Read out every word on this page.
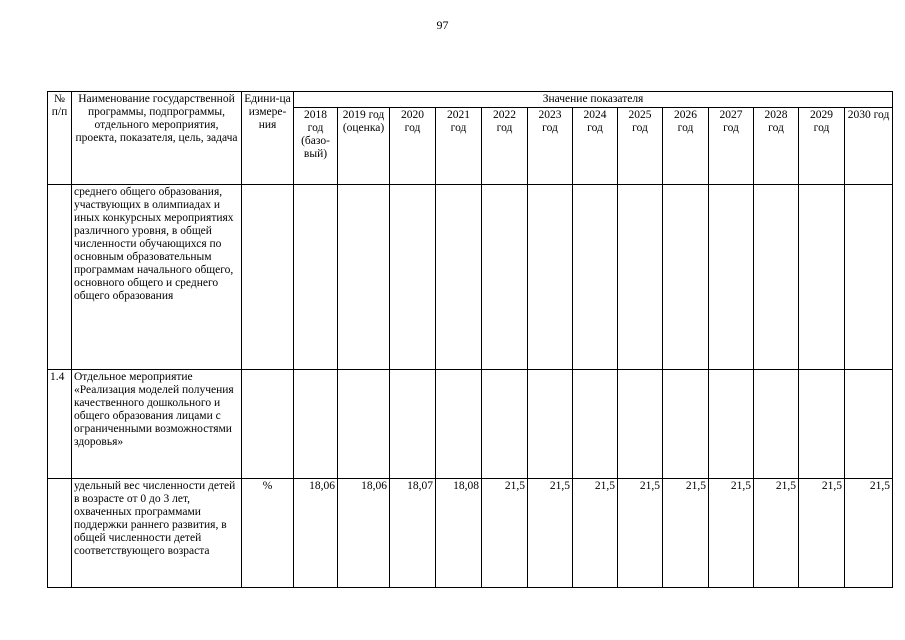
97
№ п/п	Наименование государственной программы, подпрограммы, отдельного мероприятия, проекта, показателя, цель, задача	Едини-ца измере-ния	Значение показателя												
			2018 год (базо-вый)	2019 год (оценка)	2020 год	2021 год	2022 год	2023 год	2024 год	2025 год	2026 год	2027 год	2028 год	2029 год	2030 год
	среднего общего образования, участвующих в олимпиадах и иных конкурсных мероприятиях различного уровня, в общей численности обучающихся по основным образовательным программам начального общего, основного общего и среднего общего образования														
1.4	Отдельное мероприятие «Реализация моделей получения качественного дошкольного и общего образования лицами с ограниченными возможностями здоровья»														
	удельный вес численности детей в возрасте от 0 до 3 лет, охваченных программами поддержки раннего развития, в общей численности детей соответствующего возраста	%	18,06	18,06	18,07	18,08	21,5	21,5	21,5	21,5	21,5	21,5	21,5	21,5	21,5
